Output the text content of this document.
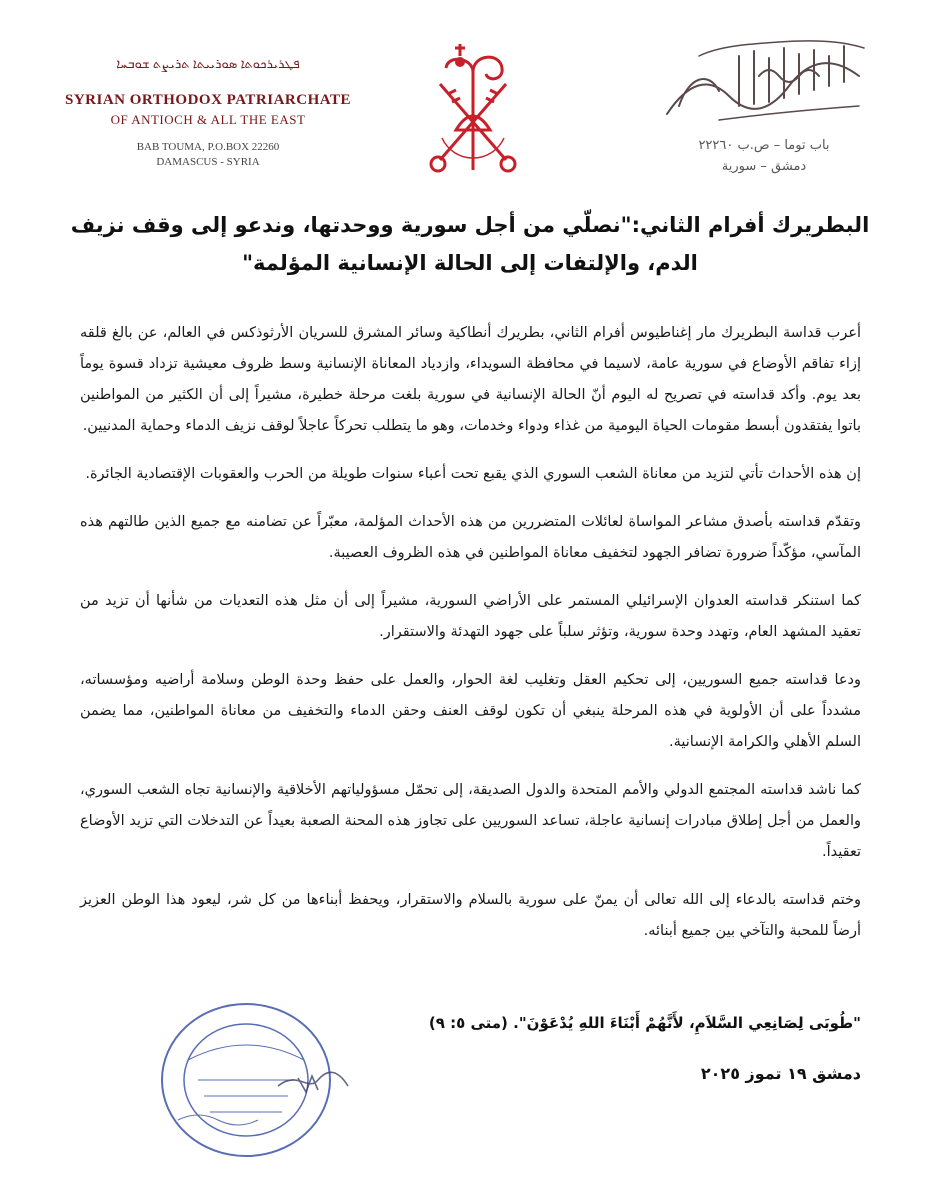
ܦܛܪܝܪܟܘܬܐ ܣܘܪܝܝܬܐ ܬܪܝܨܬ ܫܘܒܚܐ
SYRIAN ORTHODOX PATRIARCHATE
OF ANTIOCH & ALL THE EAST
BAB TOUMA, P.O.BOX 22260
DAMASCUS - SYRIA
باب توما – ص.ب ٢٢٢٦٠
دمشق – سورية
البطريرك أفرام الثاني:"نصلّي من أجل سورية ووحدتها، وندعو إلى وقف نزيف الدم، والإلتفات إلى الحالة الإنسانية المؤلمة"

أعرب قداسة البطريرك مار إغناطيوس أفرام الثاني، بطريرك أنطاكية وسائر المشرق للسريان الأرثوذكس في العالم، عن بالغ قلقه إزاء تفاقم الأوضاع في سورية عامة، لاسيما في محافظة السويداء، وازدياد المعاناة الإنسانية وسط ظروف معيشية تزداد قسوة يوماً بعد يوم. وأكد قداسته في تصريح له اليوم أنّ الحالة الإنسانية في سورية بلغت مرحلة خطيرة، مشيراً إلى أن الكثير من المواطنين باتوا يفتقدون أبسط مقومات الحياة اليومية من غذاء ودواء وخدمات، وهو ما يتطلب تحركاً عاجلاً لوقف نزيف الدماء وحماية المدنيين.

إن هذه الأحداث تأتي لتزيد من معاناة الشعب السوري الذي يقبع تحت أعباء سنوات طويلة من الحرب والعقوبات الإقتصادية الجائرة.

وتقدّم قداسته بأصدق مشاعر المواساة لعائلات المتضررين من هذه الأحداث المؤلمة، معبّراً عن تضامنه مع جميع الذين طالتهم هذه المآسي، مؤكّداً ضرورة تضافر الجهود لتخفيف معاناة المواطنين في هذه الظروف العصيبة.

كما استنكر قداسته العدوان الإسرائيلي المستمر على الأراضي السورية، مشيراً إلى أن مثل هذه التعديات من شأنها أن تزيد من تعقيد المشهد العام، وتهدد وحدة سورية، وتؤثر سلباً على جهود التهدئة والاستقرار.

ودعا قداسته جميع السوريين، إلى تحكيم العقل وتغليب لغة الحوار، والعمل على حفظ وحدة الوطن وسلامة أراضيه ومؤسساته، مشدداً على أن الأولوية في هذه المرحلة ينبغي أن تكون لوقف العنف وحقن الدماء والتخفيف من معاناة المواطنين، مما يضمن السلم الأهلي والكرامة الإنسانية.

كما ناشد قداسته المجتمع الدولي والأمم المتحدة والدول الصديقة، إلى تحمّل مسؤولياتهم الأخلاقية والإنسانية تجاه الشعب السوري، والعمل من أجل إطلاق مبادرات إنسانية عاجلة، تساعد السوريين على تجاوز هذه المحنة الصعبة بعيداً عن التدخلات التي تزيد الأوضاع تعقيداً.

وختم قداسته بالدعاء إلى الله تعالى أن يمنّ على سورية بالسلام والاستقرار، ويحفظ أبناءها من كل شر، ليعود هذا الوطن العزيز أرضاً للمحبة والتآخي بين جميع أبنائه.

"طُوبَى لِصَانِعِي السَّلاَمِ، لأَنَّهُمْ أَبْنَاءَ اللهِ يُدْعَوْنَ". (متى ٥: ٩)
دمشق ١٩ تموز ٢٠٢٥
